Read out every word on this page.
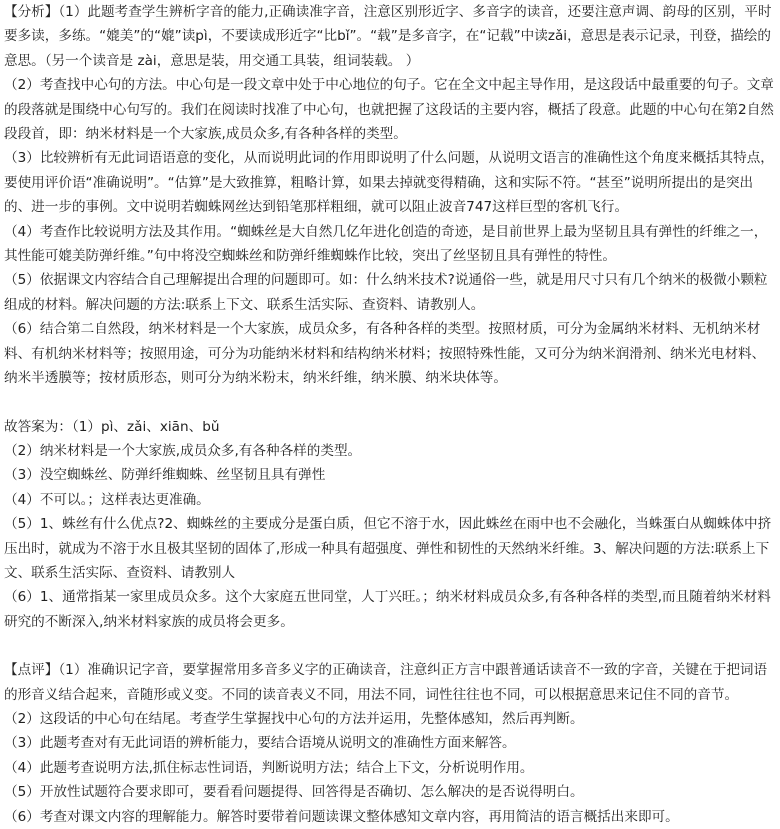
【分析】（1）此题考查学生辨析字音的能力,正确读准字音，注意区别形近字、多音字的读音，还要注意声调、韵母的区别，平时要多读，多练。“媲美”的“媲”读pì，不要读成形近字“比bǐ”。“载”是多音字，在“记载”中读zǎi，意思是表示记录，刊登，描绘的意思。（另一个读音是 zài，意思是装，用交通工具装，组词装载。 ）

（2）考查找中心句的方法。中心句是一段文章中处于中心地位的句子。它在全文中起主导作用，是这段话中最重要的句子。文章的段落就是围绕中心句写的。我们在阅读时找准了中心句，也就把握了这段话的主要内容，概括了段意。此题的中心句在第2自然段段首，即：纳米材料是一个大家族,成员众多,有各种各样的类型。

（3）比较辨析有无此词语语意的变化，从而说明此词的作用即说明了什么问题，从说明文语言的准确性这个角度来概括其特点，要使用评价语“准确说明”。“估算”是大致推算，粗略计算，如果去掉就变得精确，这和实际不符。“甚至”说明所提出的是突出的、进一步的事例。文中说明若蜘蛛网丝达到铅笔那样粗细，就可以阻止波音747这样巨型的客机飞行。

（4）考查作比较说明方法及其作用。“蜘蛛丝是大自然几亿年进化创造的奇迹，是目前世界上最为坚韧且具有弹性的纤维之一，其性能可媲美防弹纤维。”句中将没空蜘蛛丝和防弹纤维蜘蛛作比较，突出了丝坚韧且具有弹性的特性。

（5）依据课文内容结合自己理解提出合理的问题即可。如：什么纳米技术?说通俗一些，就是用尺寸只有几个纳米的极微小颗粒组成的材料。解决问题的方法:联系上下文、联系生活实际、查资料、请教别人。

（6）结合第二自然段，纳米材料是一个大家族，成员众多，有各种各样的类型。按照材质，可分为金属纳米材料、无机纳米材料、有机纳米材料等；按照用途，可分为功能纳米材料和结构纳米材料；按照特殊性能，又可分为纳米润滑剂、纳米光电材料、纳米半透膜等；按材质形态，则可分为纳米粉末，纳米纤维，纳米膜、纳米块体等。

故答案为：（1）pì、zǎi、xiān、bǔ

（2）纳米材料是一个大家族,成员众多,有各种各样的类型。

（3）没空蜘蛛丝、防弹纤维蜘蛛、丝坚韧且具有弹性

（4）不可以。；这样表达更准确。

（5）1、蛛丝有什么优点?2、蜘蛛丝的主要成分是蛋白质，但它不溶于水，因此蛛丝在雨中也不会融化，当蛛蛋白从蜘蛛体中挤压出时，就成为不溶于水且极其坚韧的固体了,形成一种具有超强度、弹性和韧性的天然纳米纤维。3、解决问题的方法:联系上下文、联系生活实际、查资料、请教别人

（6）1、通常指某一家里成员众多。这个大家庭五世同堂，人丁兴旺。；纳米材料成员众多,有各种各样的类型,而且随着纳米材料研究的不断深入,纳米材料家族的成员将会更多。

【点评】（1）准确识记字音，要掌握常用多音多义字的正确读音，注意纠正方言中跟普通话读音不一致的字音，关键在于把词语的形音义结合起来，音随形或义变。不同的读音表义不同，用法不同，词性往往也不同，可以根据意思来记住不同的音节。

（2）这段话的中心句在结尾。考查学生掌握找中心句的方法并运用，先整体感知，然后再判断。

（3）此题考查对有无此词语的辨析能力，要结合语境从说明文的准确性方面来解答。

（4）此题考查说明方法,抓住标志性词语，判断说明方法；结合上下文，分析说明作用。

（5）开放性试题符合要求即可，要看看问题提得、回答得是否确切、怎么解决的是否说得明白。

（6）考查对课文内容的理解能力。解答时要带着问题读课文整体感知文章内容，再用简洁的语言概括出来即可。
